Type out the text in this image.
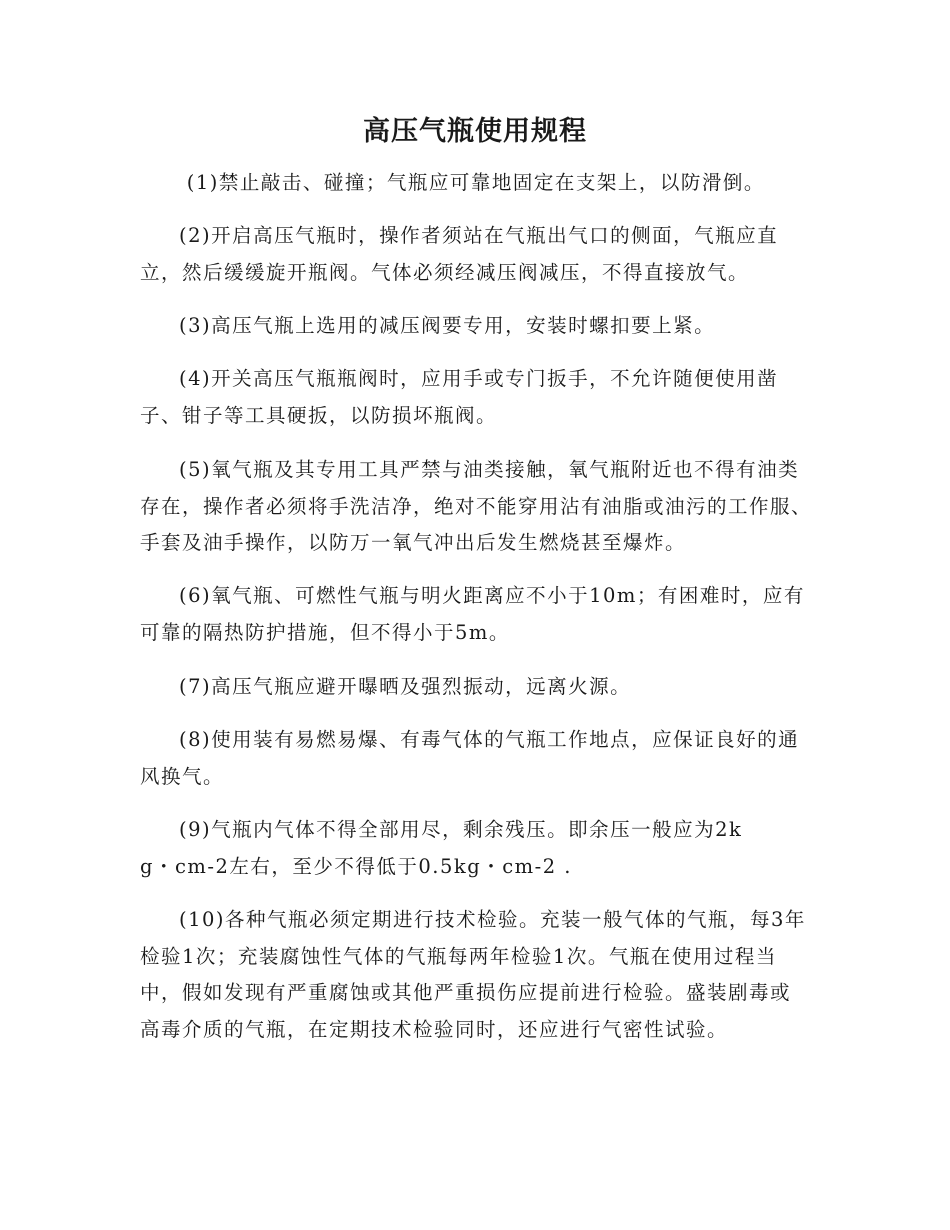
高压气瓶使用规程

(1)禁止敲击、碰撞；气瓶应可靠地固定在支架上，以防滑倒。

(2)开启高压气瓶时，操作者须站在气瓶出气口的侧面，气瓶应直立，然后缓缓旋开瓶阀。气体必须经减压阀减压，不得直接放气。

(3)高压气瓶上选用的减压阀要专用，安装时螺扣要上紧。

(4)开关高压气瓶瓶阀时，应用手或专门扳手，不允许随便使用凿子、钳子等工具硬扳，以防损坏瓶阀。

(5)氧气瓶及其专用工具严禁与油类接触，氧气瓶附近也不得有油类存在，操作者必须将手洗洁净，绝对不能穿用沾有油脂或油污的工作服、手套及油手操作，以防万一氧气冲出后发生燃烧甚至爆炸。

(6)氧气瓶、可燃性气瓶与明火距离应不小于10m；有困难时，应有可靠的隔热防护措施，但不得小于5m。

(7)高压气瓶应避开曝晒及强烈振动，远离火源。

(8)使用装有易燃易爆、有毒气体的气瓶工作地点，应保证良好的通风换气。

(9)气瓶内气体不得全部用尽，剩余残压。即余压一般应为2kg・cm-2左右，至少不得低于0.5kg・cm-2 .

(10)各种气瓶必须定期进行技术检验。充装一般气体的气瓶，每3年检验1次；充装腐蚀性气体的气瓶每两年检验1次。气瓶在使用过程当中，假如发现有严重腐蚀或其他严重损伤应提前进行检验。盛装剧毒或高毒介质的气瓶，在定期技术检验同时，还应进行气密性试验。
